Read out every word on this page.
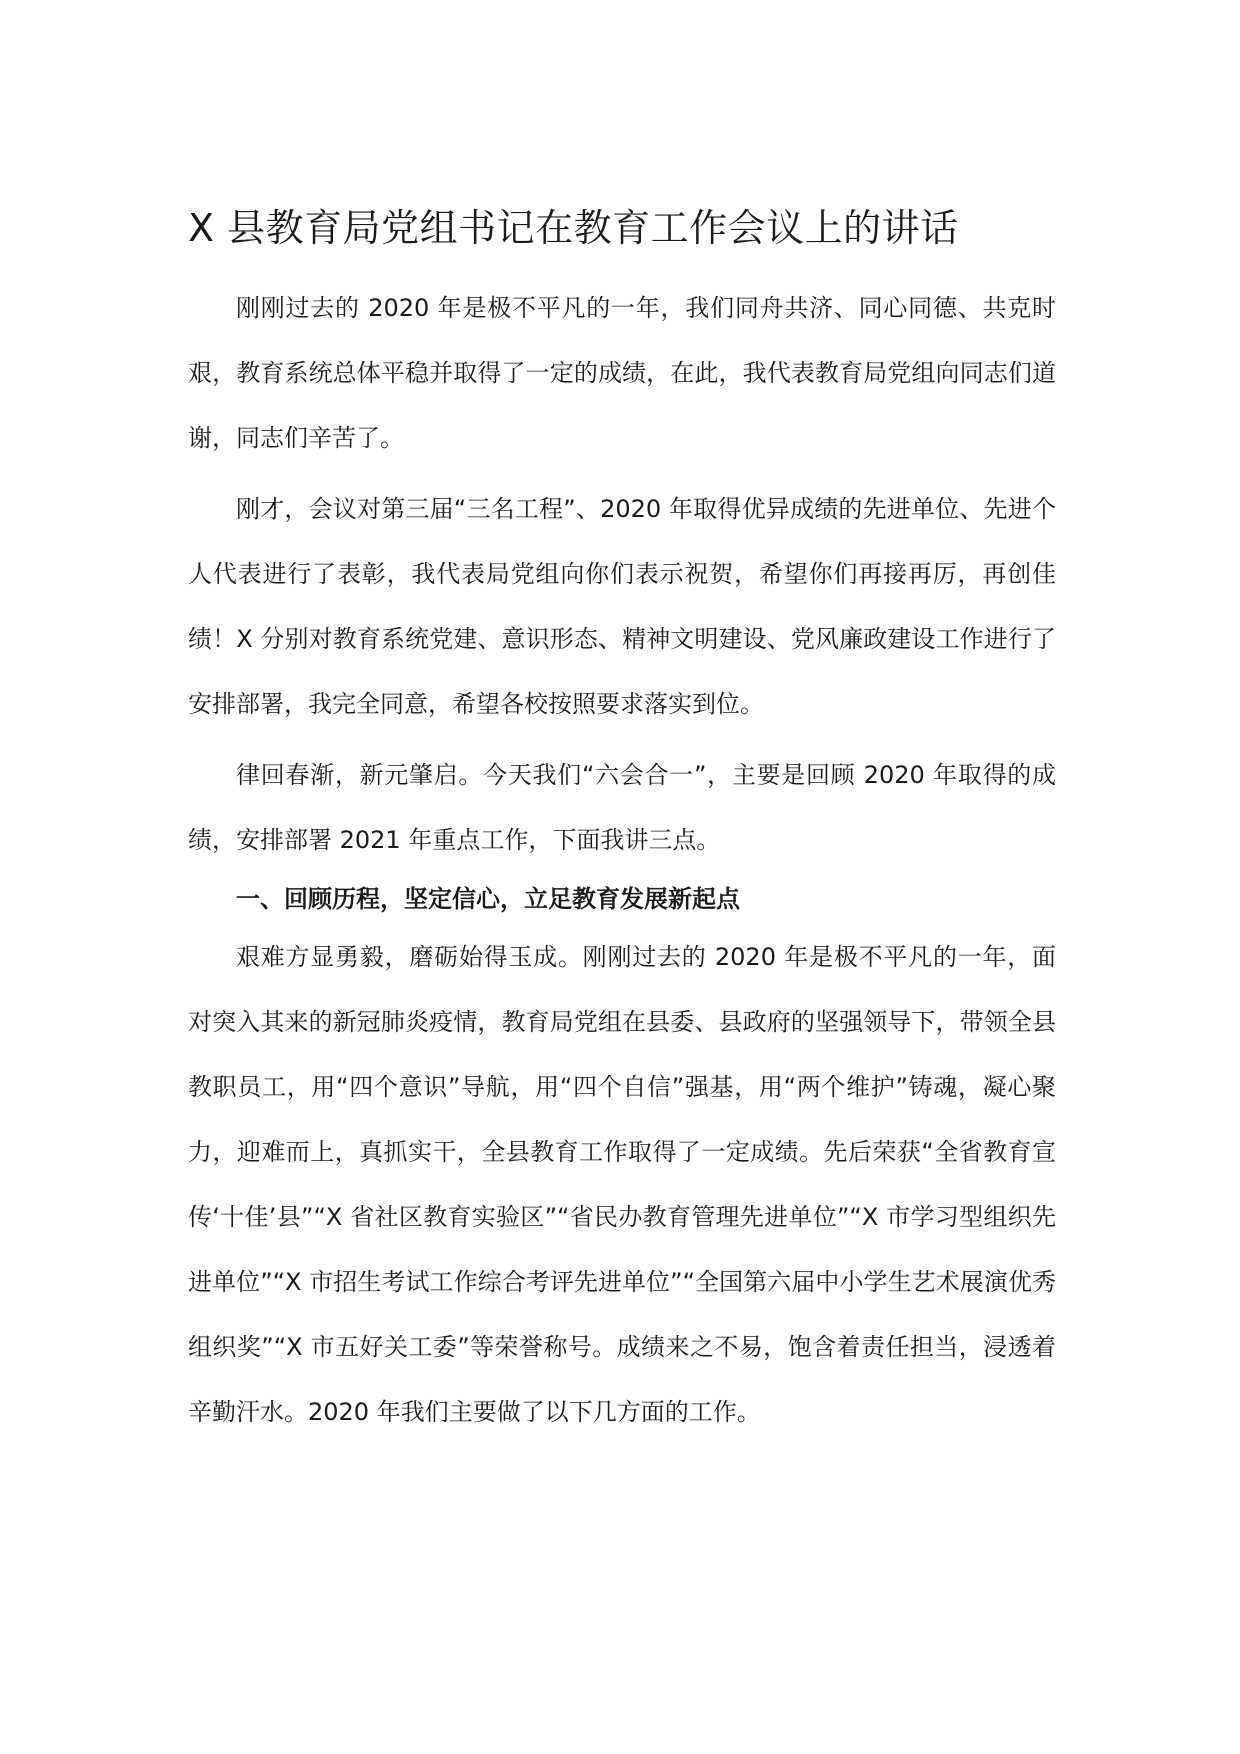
X 县教育局党组书记在教育工作会议上的讲话

刚刚过去的 2020 年是极不平凡的一年，我们同舟共济、同心同德、共克时艰，教育系统总体平稳并取得了一定的成绩，在此，我代表教育局党组向同志们道谢，同志们辛苦了。

刚才，会议对第三届“三名工程”、2020 年取得优异成绩的先进单位、先进个人代表进行了表彰，我代表局党组向你们表示祝贺，希望你们再接再厉，再创佳绩！X 分别对教育系统党建、意识形态、精神文明建设、党风廉政建设工作进行了安排部署，我完全同意，希望各校按照要求落实到位。

律回春渐，新元肇启。今天我们“六会合一”，主要是回顾 2020 年取得的成绩，安排部署 2021 年重点工作，下面我讲三点。

一、回顾历程，坚定信心，立足教育发展新起点

艰难方显勇毅，磨砺始得玉成。刚刚过去的 2020 年是极不平凡的一年，面对突入其来的新冠肺炎疫情，教育局党组在县委、县政府的坚强领导下，带领全县教职员工，用“四个意识”导航，用“四个自信”强基，用“两个维护”铸魂，凝心聚力，迎难而上，真抓实干，全县教育工作取得了一定成绩。先后荣获“全省教育宣传‘十佳’县”“X 省社区教育实验区”“省民办教育管理先进单位”“X 市学习型组织先进单位”“X 市招生考试工作综合考评先进单位”“全国第六届中小学生艺术展演优秀组织奖”“X 市五好关工委”等荣誉称号。成绩来之不易，饱含着责任担当，浸透着辛勤汗水。2020 年我们主要做了以下几方面的工作。
